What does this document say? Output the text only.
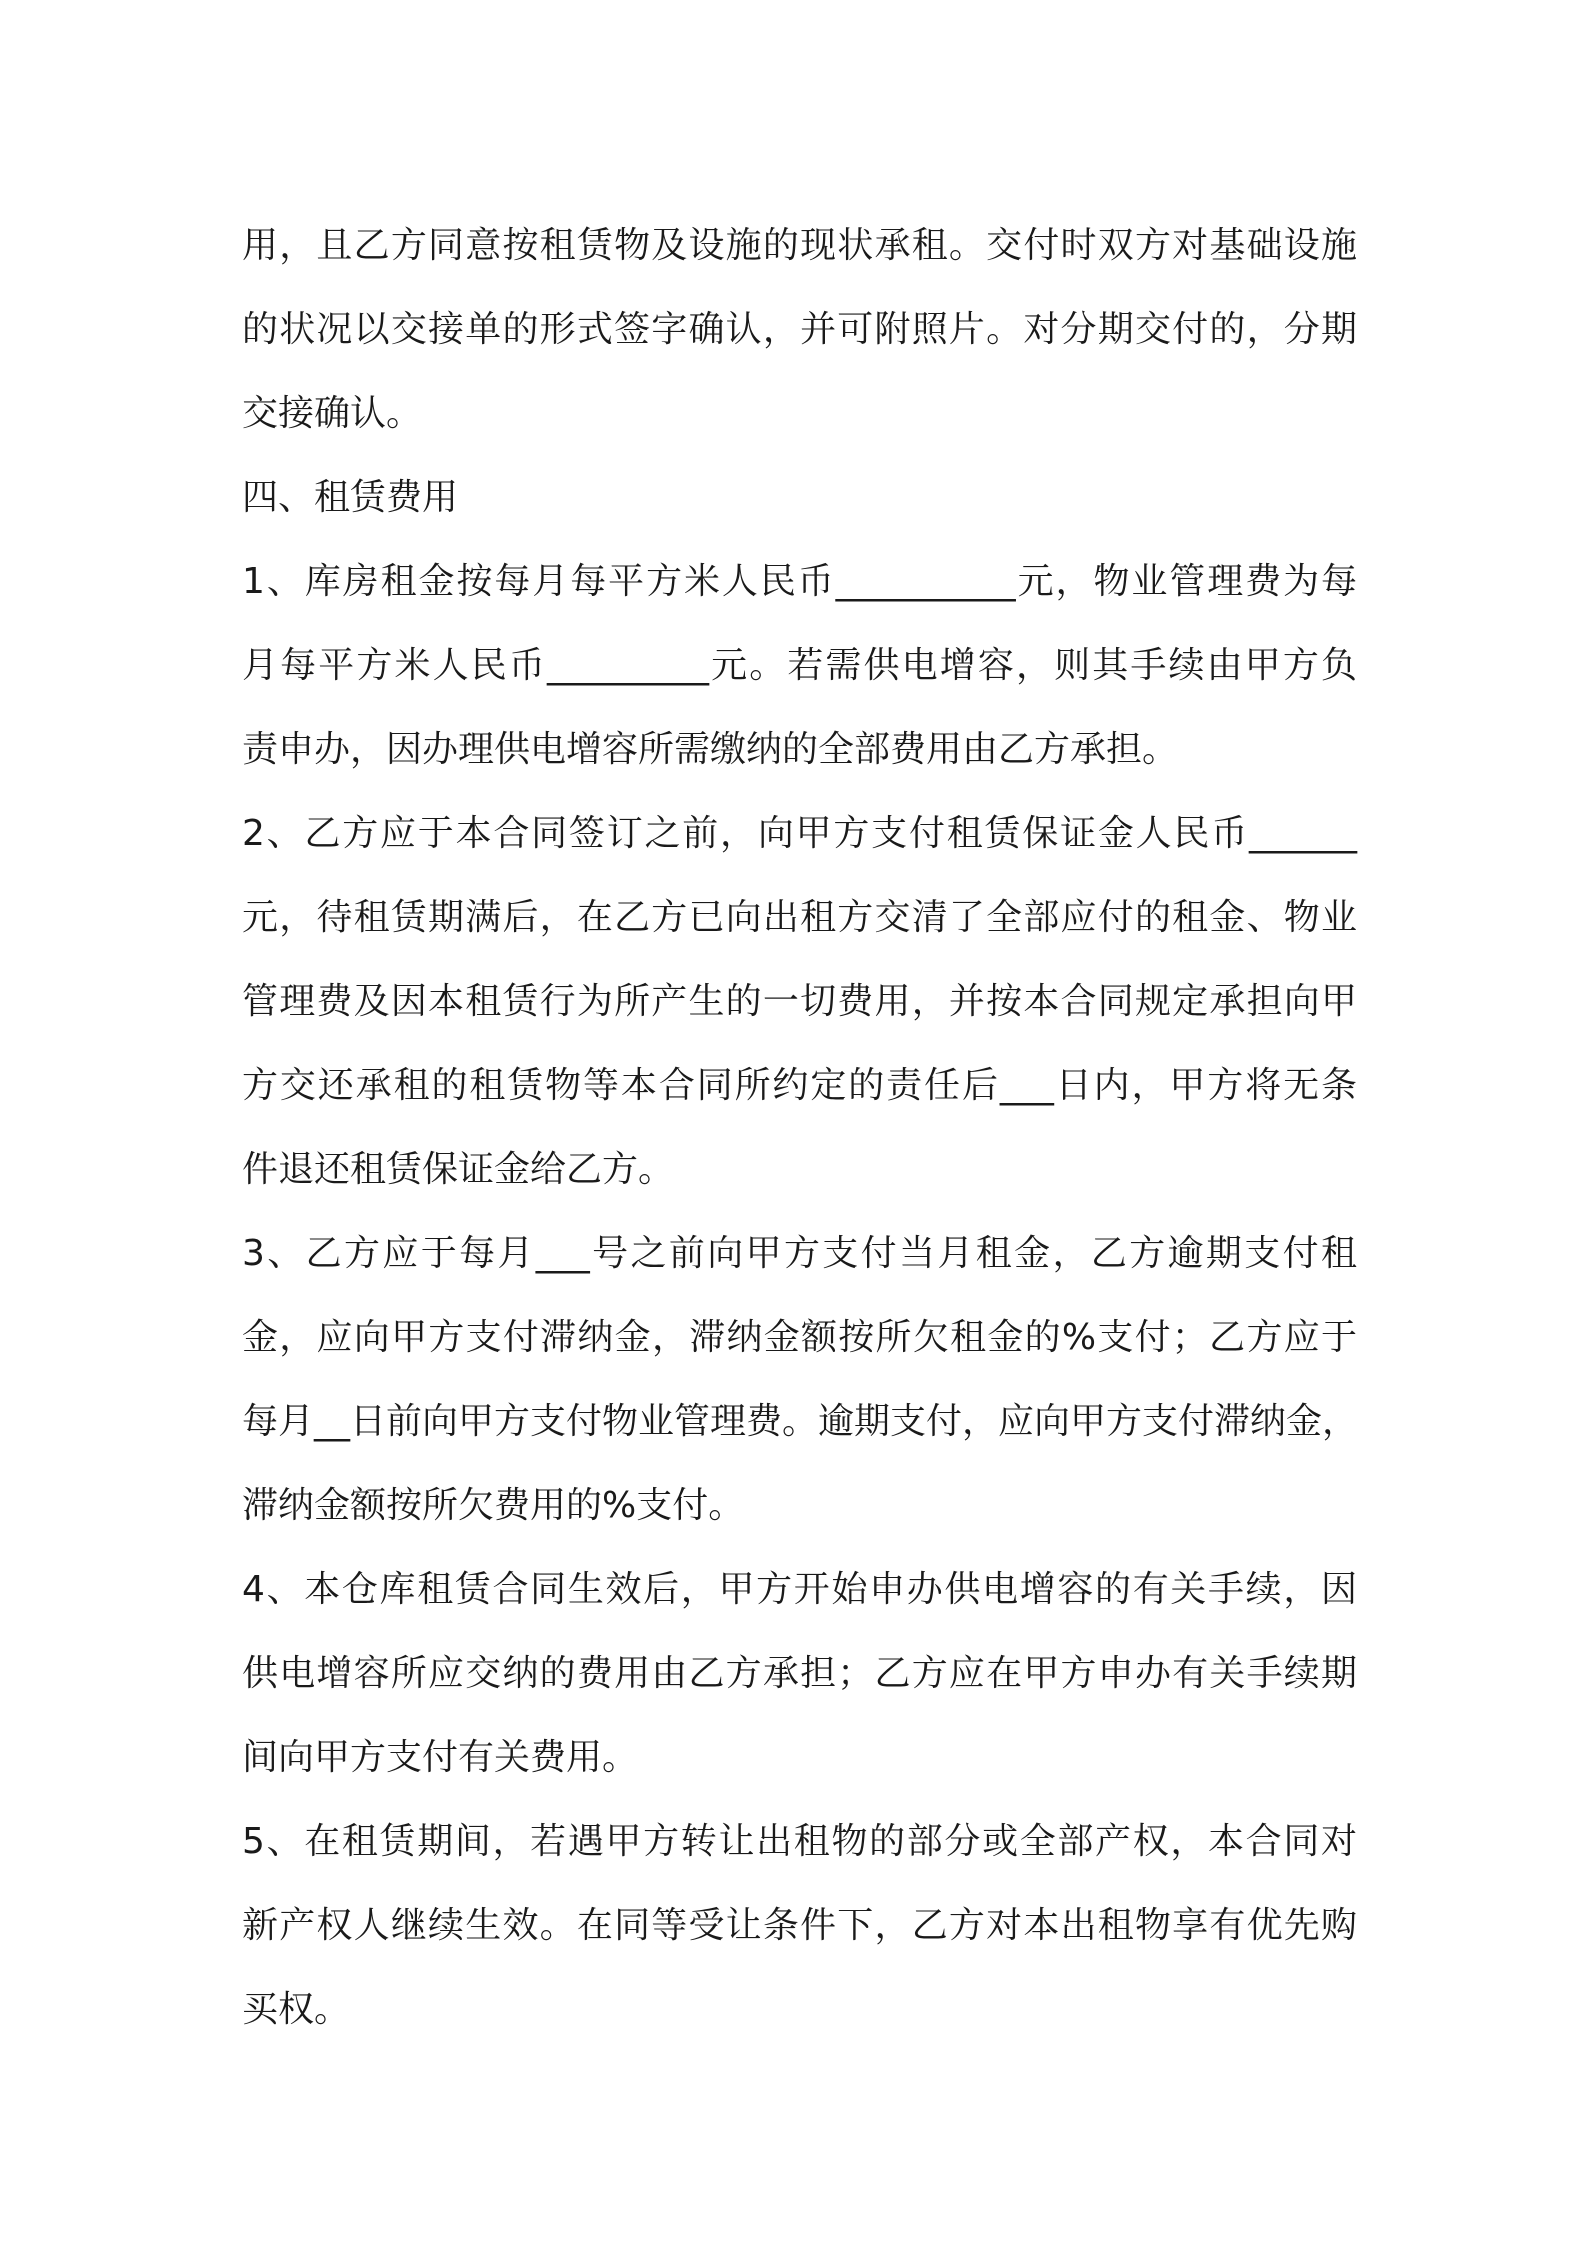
用，且乙方同意按租赁物及设施的现状承租。交付时双方对基础设施
的状况以交接单的形式签字确认，并可附照片。对分期交付的，分期
交接确认。
四、租赁费用
1、库房租金按每月每平方米人民币__________元，物业管理费为每
月每平方米人民币_________元。若需供电增容，则其手续由甲方负
责申办，因办理供电增容所需缴纳的全部费用由乙方承担。
2、乙方应于本合同签订之前，向甲方支付租赁保证金人民币______
元，待租赁期满后，在乙方已向出租方交清了全部应付的租金、物业
管理费及因本租赁行为所产生的一切费用，并按本合同规定承担向甲
方交还承租的租赁物等本合同所约定的责任后___日内，甲方将无条
件退还租赁保证金给乙方。
3、乙方应于每月___号之前向甲方支付当月租金，乙方逾期支付租
金，应向甲方支付滞纳金，滞纳金额按所欠租金的%支付；乙方应于
每月__日前向甲方支付物业管理费。逾期支付，应向甲方支付滞纳金，
滞纳金额按所欠费用的%支付。
4、本仓库租赁合同生效后，甲方开始申办供电增容的有关手续，因
供电增容所应交纳的费用由乙方承担；乙方应在甲方申办有关手续期
间向甲方支付有关费用。
5、在租赁期间，若遇甲方转让出租物的部分或全部产权，本合同对
新产权人继续生效。在同等受让条件下，乙方对本出租物享有优先购
买权。
